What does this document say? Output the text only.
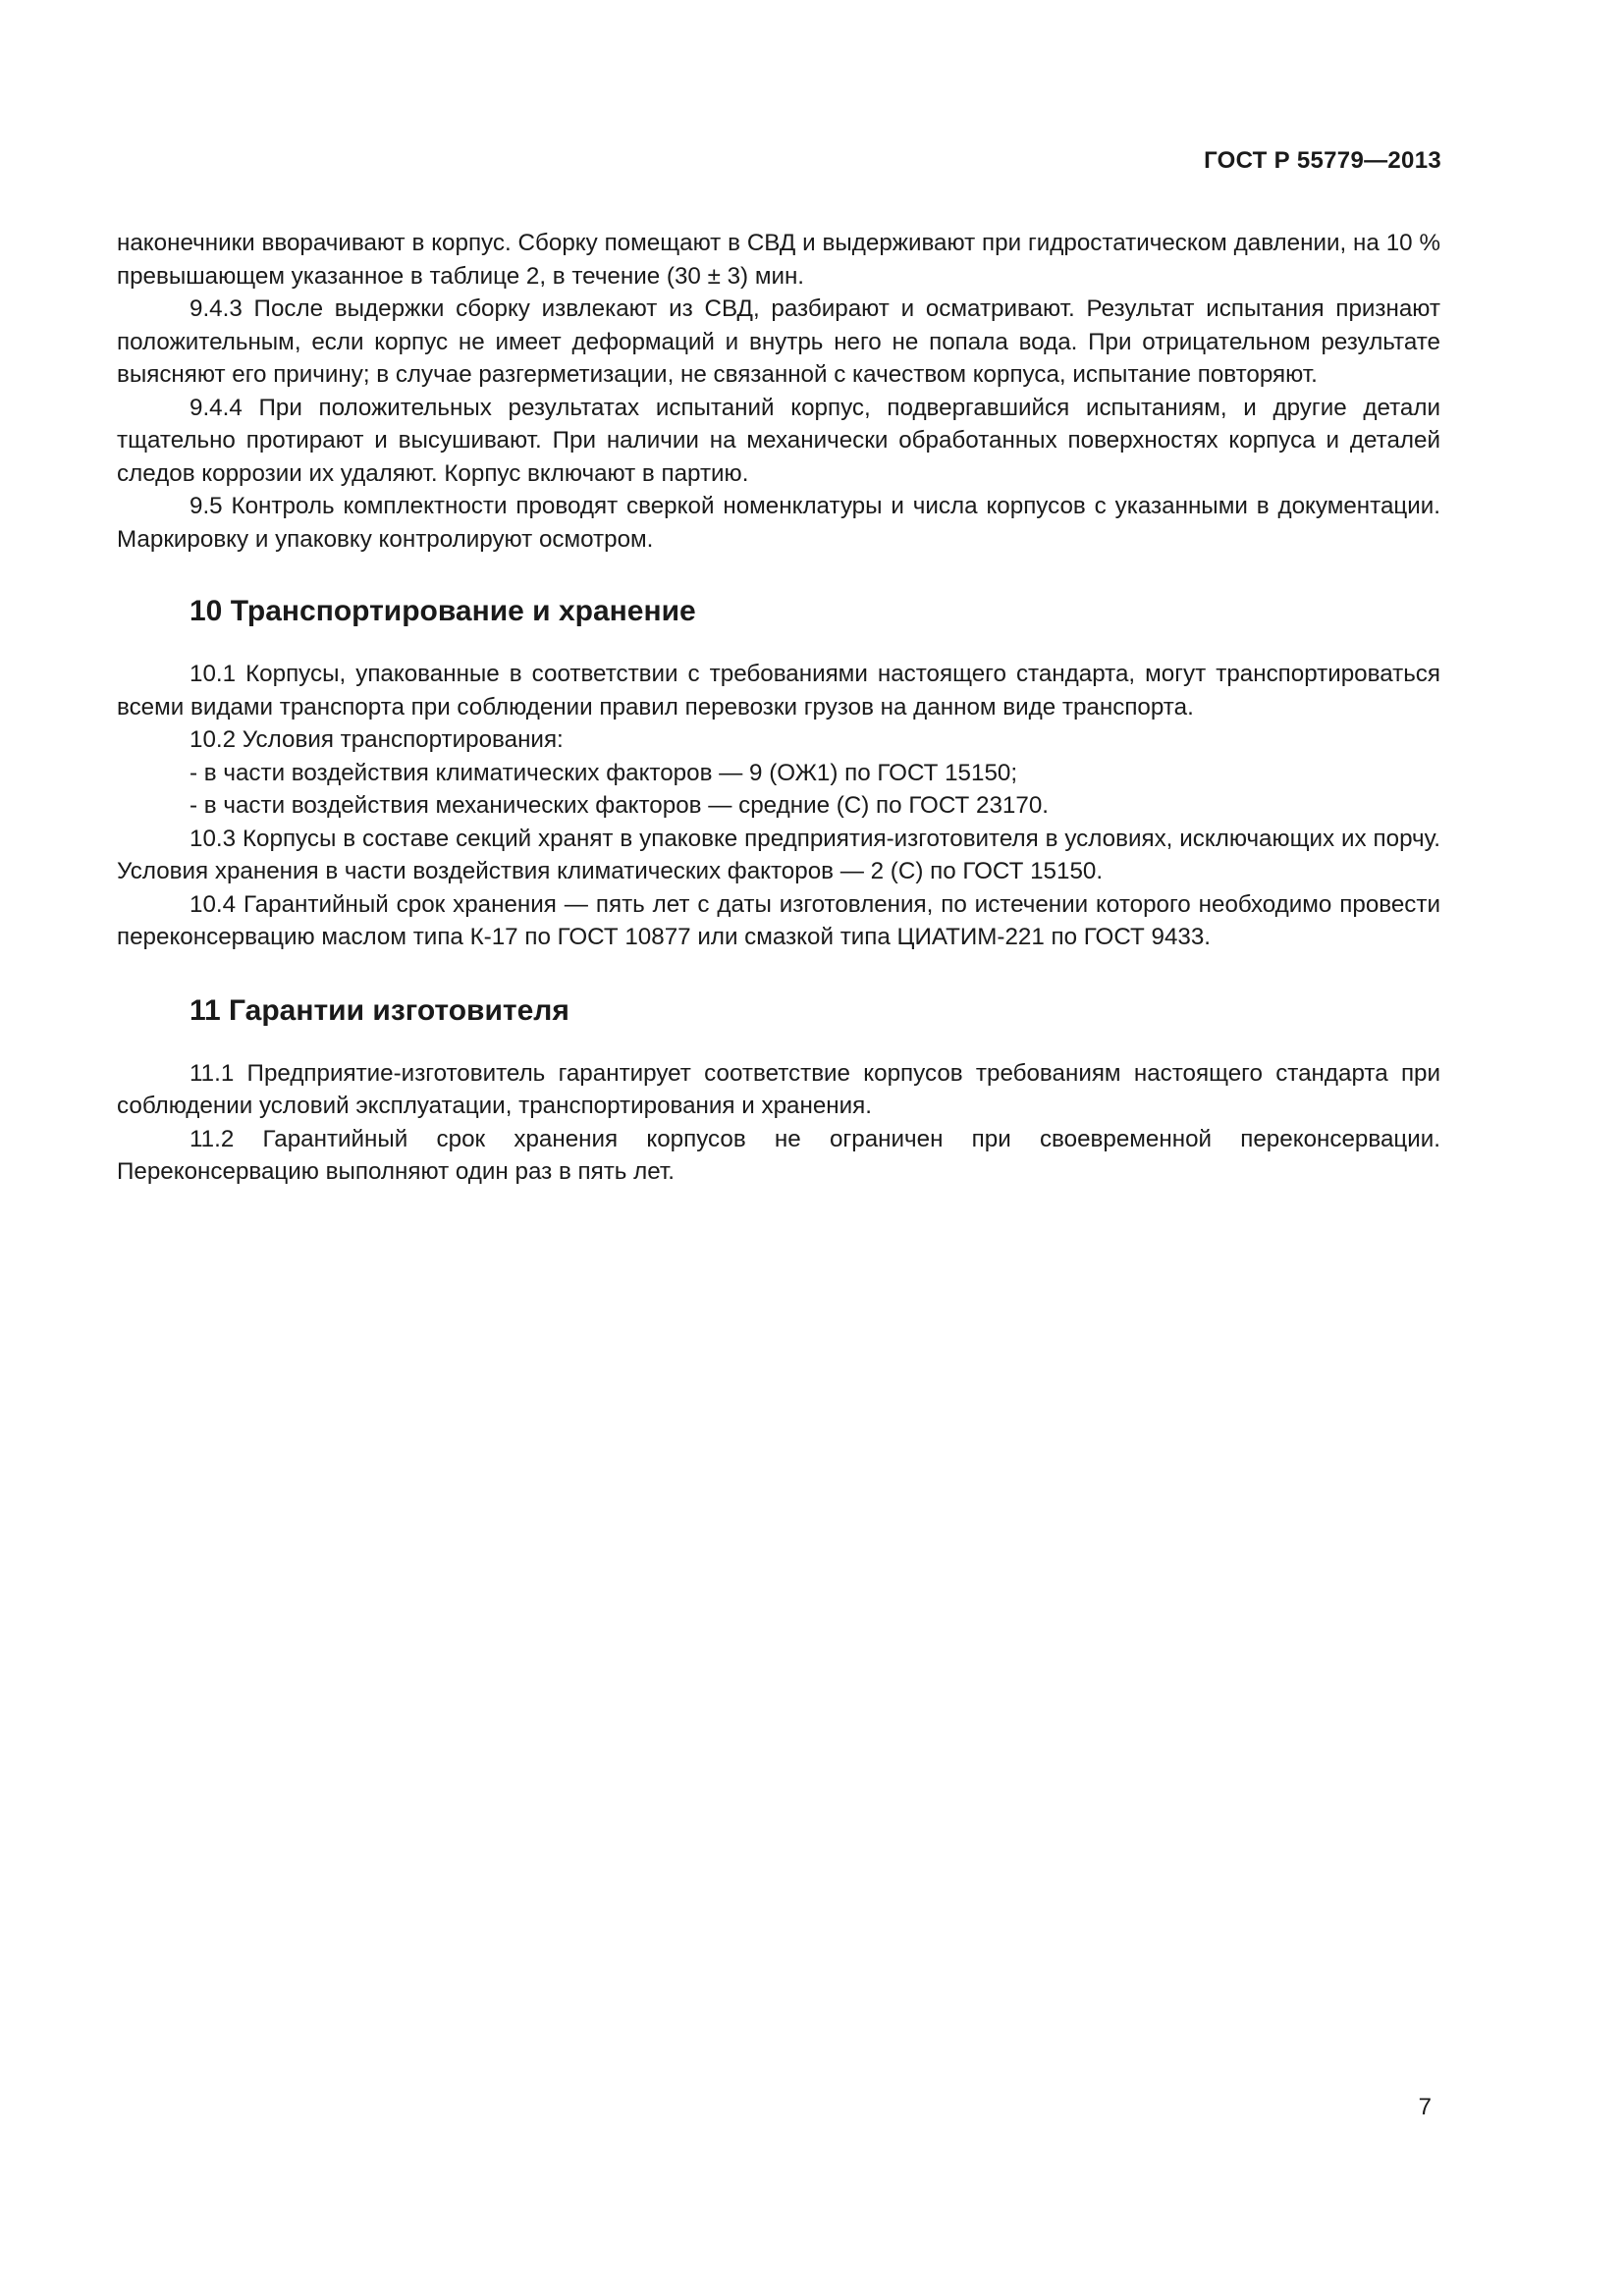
ГОСТ Р 55779—2013

наконечники вворачивают в корпус. Сборку помещают в СВД и выдерживают при гидростатическом давлении, на 10 % превышающем указанное в таблице 2, в течение (30 ± 3) мин.

9.4.3 После выдержки сборку извлекают из СВД, разбирают и осматривают. Результат испытания признают положительным, если корпус не имеет деформаций и внутрь него не попала вода. При отрицательном результате выясняют его причину; в случае разгерметизации, не связанной с качеством корпуса, испытание повторяют.

9.4.4 При положительных результатах испытаний корпус, подвергавшийся испытаниям, и другие детали тщательно протирают и высушивают. При наличии на механически обработанных поверхностях корпуса и деталей следов коррозии их удаляют. Корпус включают в партию.

9.5 Контроль комплектности проводят сверкой номенклатуры и числа корпусов с указанными в документации. Маркировку и упаковку контролируют осмотром.

10 Транспортирование и хранение

10.1 Корпусы, упакованные в соответствии с требованиями настоящего стандарта, могут транспортироваться всеми видами транспорта при соблюдении правил перевозки грузов на данном виде транспорта.

10.2 Условия транспортирования:

- в части воздействия климатических факторов — 9 (ОЖ1) по ГОСТ 15150;

- в части воздействия механических факторов — средние (С) по ГОСТ 23170.

10.3 Корпусы в составе секций хранят в упаковке предприятия-изготовителя в условиях, исключающих их порчу. Условия хранения в части воздействия климатических факторов — 2 (С) по ГОСТ 15150.

10.4 Гарантийный срок хранения — пять лет с даты изготовления, по истечении которого необходимо провести переконсервацию маслом типа К-17 по ГОСТ 10877 или смазкой типа ЦИАТИМ-221 по ГОСТ 9433.

11 Гарантии изготовителя

11.1 Предприятие-изготовитель гарантирует соответствие корпусов требованиям настоящего стандарта при соблюдении условий эксплуатации, транспортирования и хранения.

11.2 Гарантийный срок хранения корпусов не ограничен при своевременной переконсервации. Переконсервацию выполняют один раз в пять лет.

7
